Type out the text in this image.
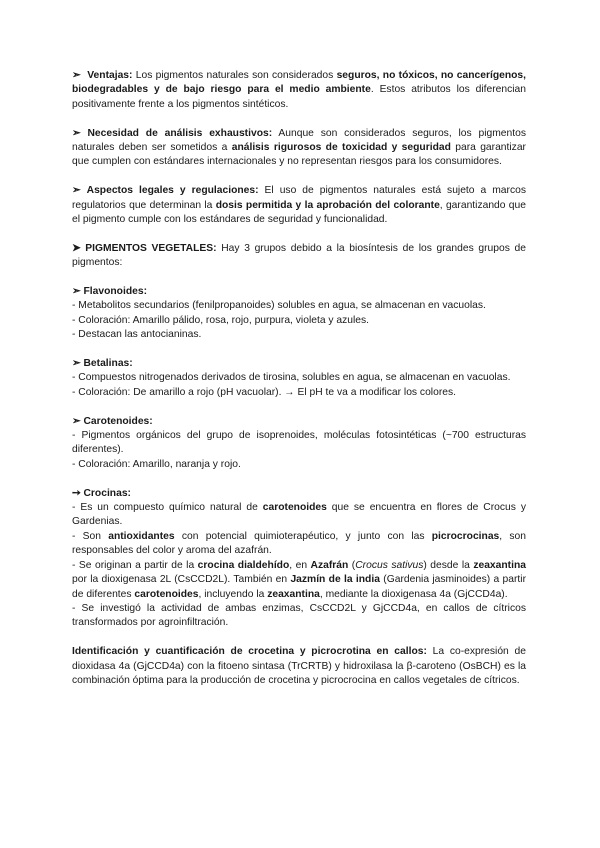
➣ Ventajas: Los pigmentos naturales son considerados seguros, no tóxicos, no cancerígenos, biodegradables y de bajo riesgo para el medio ambiente. Estos atributos los diferencian positivamente frente a los pigmentos sintéticos.

➣ Necesidad de análisis exhaustivos: Aunque son considerados seguros, los pigmentos naturales deben ser sometidos a análisis rigurosos de toxicidad y seguridad para garantizar que cumplen con estándares internacionales y no representan riesgos para los consumidores.

➣ Aspectos legales y regulaciones: El uso de pigmentos naturales está sujeto a marcos regulatorios que determinan la dosis permitida y la aprobación del colorante, garantizando que el pigmento cumple con los estándares de seguridad y funcionalidad.

➤ PIGMENTOS VEGETALES: Hay 3 grupos debido a la biosíntesis de los grandes grupos de pigmentos:

➣ Flavonoides:

- Metabolitos secundarios (fenilpropanoides) solubles en agua, se almacenan en vacuolas.

- Coloración: Amarillo pálido, rosa, rojo, purpura, violeta y azules.

- Destacan las antocianinas.

➣ Betalinas:

- Compuestos nitrogenados derivados de tirosina, solubles en agua, se almacenan en vacuolas.

- Coloración: De amarillo a rojo (pH vacuolar). → El pH te va a modificar los colores.

➣ Carotenoides:

- Pigmentos orgánicos del grupo de isoprenoides, moléculas fotosintéticas (~700 estructuras diferentes).

- Coloración: Amarillo, naranja y rojo.

➙ Crocinas:

- Es un compuesto químico natural de carotenoides que se encuentra en flores de Crocus y Gardenias.

- Son antioxidantes con potencial quimioterapéutico, y junto con las picrocrocinas, son responsables del color y aroma del azafrán.

- Se originan a partir de la crocina dialdehído, en Azafrán (Crocus sativus) desde la zeaxantina por la dioxigenasa 2L (CsCCD2L). También en Jazmín de la india (Gardenia jasminoides) a partir de diferentes carotenoides, incluyendo la zeaxantina, mediante la dioxigenasa 4a (GjCCD4a).

- Se investigó la actividad de ambas enzimas, CsCCD2L y GjCCD4a, en callos de cítricos transformados por agroinfiltración.

Identificación y cuantificación de crocetina y picrocrotina en callos: La co-expresión de dioxidasa 4a (GjCCD4a) con la fitoeno sintasa (TrCRTB) y hidroxilasa la β-caroteno (OsBCH) es la combinación óptima para la producción de crocetina y picrocrocina en callos vegetales de cítricos.
